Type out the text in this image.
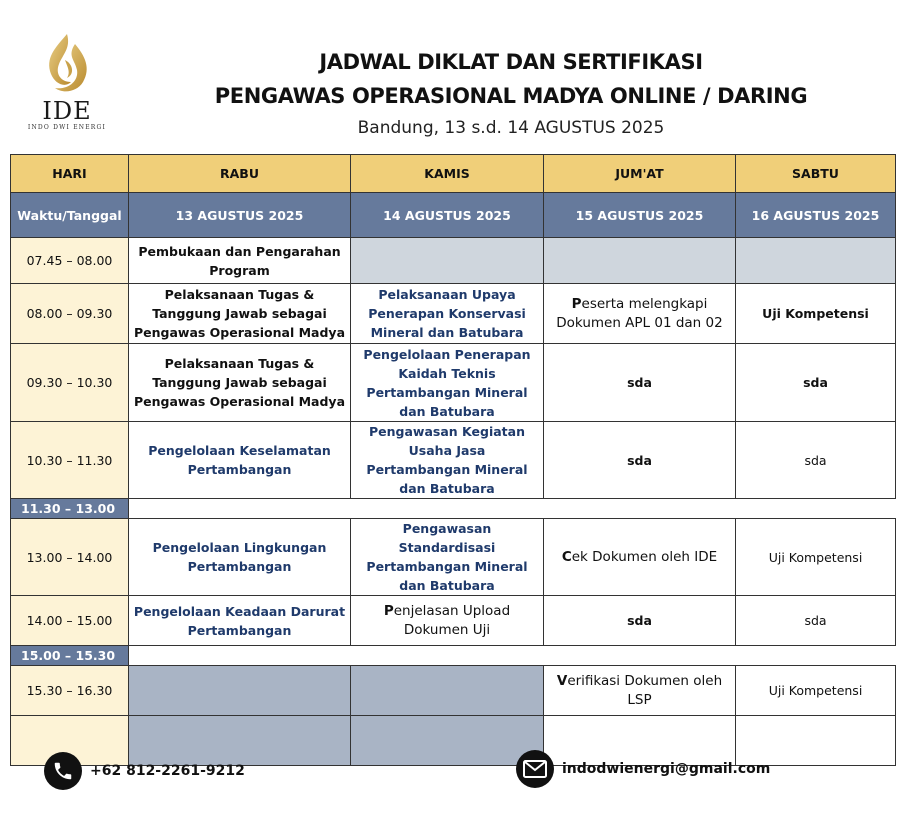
IDE
INDO DWI ENERGI
JADWAL DIKLAT DAN SERTIFIKASI
PENGAWAS OPERASIONAL MADYA ONLINE / DARING
Bandung, 13 s.d. 14 AGUSTUS 2025
HARI	RABU	KAMIS	JUM'AT	SABTU
Waktu/Tanggal	13 AGUSTUS 2025	14 AGUSTUS 2025	15 AGUSTUS 2025	16 AGUSTUS 2025
07.45 – 08.00	Pembukaan dan Pengarahan Program			
08.00 – 09.30	Pelaksanaan Tugas & Tanggung Jawab sebagai Pengawas Operasional Madya	Pelaksanaan Upaya Penerapan Konservasi Mineral dan Batubara	Peserta melengkapi Dokumen APL 01 dan 02	Uji Kompetensi
09.30 – 10.30	Pelaksanaan Tugas & Tanggung Jawab sebagai Pengawas Operasional Madya	Pengelolaan Penerapan Kaidah Teknis Pertambangan Mineral dan Batubara	sda	sda
10.30 – 11.30	Pengelolaan Keselamatan Pertambangan	Pengawasan Kegiatan Usaha Jasa Pertambangan Mineral dan Batubara	sda	sda
11.30 – 13.00				
13.00 – 14.00	Pengelolaan Lingkungan Pertambangan	Pengawasan Standardisasi Pertambangan Mineral dan Batubara	Cek Dokumen oleh IDE	Uji Kompetensi
14.00 – 15.00	Pengelolaan Keadaan Darurat Pertambangan	Penjelasan Upload Dokumen Uji	sda	sda
15.00 – 15.30				
15.30 – 16.30			Verifikasi Dokumen oleh LSP	Uji Kompetensi

+62 812-2261-9212	indodwienergi@gmail.com
